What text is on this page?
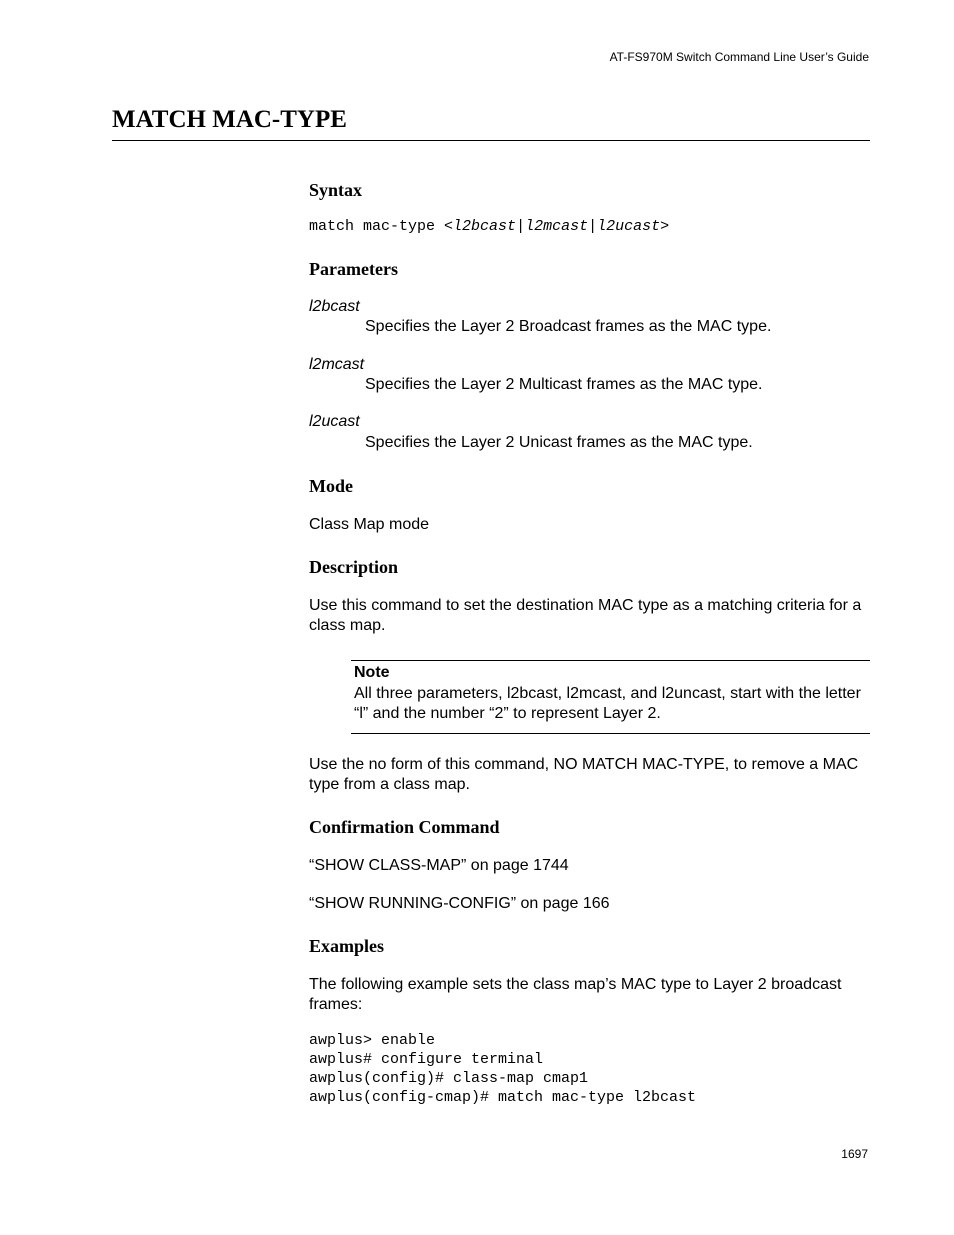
AT-FS970M Switch Command Line User’s Guide
MATCH MAC-TYPE
Syntax
match mac-type <l2bcast|l2mcast|l2ucast>
Parameters
l2bcast
Specifies the Layer 2 Broadcast frames as the MAC type.
l2mcast
Specifies the Layer 2 Multicast frames as the MAC type.
l2ucast
Specifies the Layer 2 Unicast frames as the MAC type.
Mode
Class Map mode
Description
Use this command to set the destination MAC type as a matching criteria for a class map.
Note
All three parameters, l2bcast, l2mcast, and l2uncast, start with the letter “l” and the number “2” to represent Layer 2.
Use the no form of this command, NO MATCH MAC-TYPE, to remove a MAC type from a class map.
Confirmation Command
“SHOW CLASS-MAP” on page 1744
“SHOW RUNNING-CONFIG” on page 166
Examples
The following example sets the class map’s MAC type to Layer 2 broadcast frames:
awplus> enable
awplus# configure terminal
awplus(config)# class-map cmap1
awplus(config-cmap)# match mac-type l2bcast
1697
